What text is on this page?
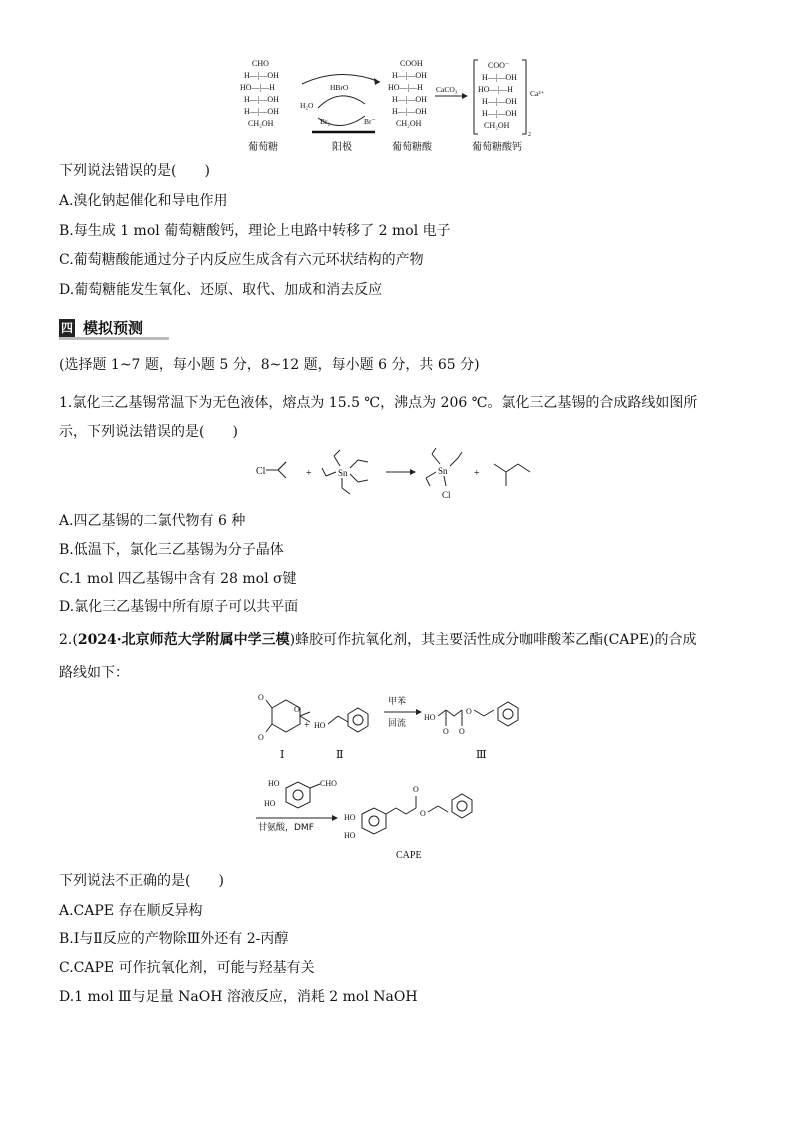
CHO
H—|—OH
HO—|—H
H—|—OH
H—|—OH
CH₂OH
HBrO
H₂O
Br₂	Br⁻
COOH
H—|—OH
HO—|—H
H—|—OH
H—|—OH
CH₂OH
CaCO₃
COO⁻
H—|—OH
HO—|—H
H—|—OH
H—|—OH
CH₂OH
2
Ca²⁺
葡萄糖	阳极	葡萄糖酸	葡萄糖酸钙
下列说法错误的是(　　)
A.溴化钠起催化和导电作用
B.每生成 1 mol 葡萄糖酸钙，理论上电路中转移了 2 mol 电子
C.葡萄糖酸能通过分子内反应生成含有六元环状结构的产物
D.葡萄糖能发生氧化、还原、取代、加成和消去反应
四 模拟预测
(选择题 1~7 题，每小题 5 分，8~12 题，每小题 6 分，共 65 分)
1.氯化三乙基锡常温下为无色液体，熔点为 15.5 ℃，沸点为 206 ℃。氯化三乙基锡的合成路线如图所
示，下列说法错误的是(　　)
Cl	+	Sn	Sn
Cl
+
A.四乙基锡的二氯代物有 6 种
B.低温下，氯化三乙基锡为分子晶体
C.1 mol 四乙基锡中含有 28 mol σ键
D.氯化三乙基锡中所有原子可以共平面
2.(2024·北京师范大学附属中学三模)蜂胶可作抗氧化剂，其主要活性成分咖啡酸苯乙酯(CAPE)的合成
路线如下：
O
O
O
+ HO
甲苯
回流
HO
O O
O
Ⅰ	Ⅱ	Ⅲ
HO
HO
CHO
甘氨酸，DMF
HO
HO
O
O
CAPE
下列说法不正确的是(　　)
A.CAPE 存在顺反异构
B.Ⅰ与Ⅱ反应的产物除Ⅲ外还有 2-丙醇
C.CAPE 可作抗氧化剂，可能与羟基有关
D.1 mol Ⅲ与足量 NaOH 溶液反应，消耗 2 mol NaOH
